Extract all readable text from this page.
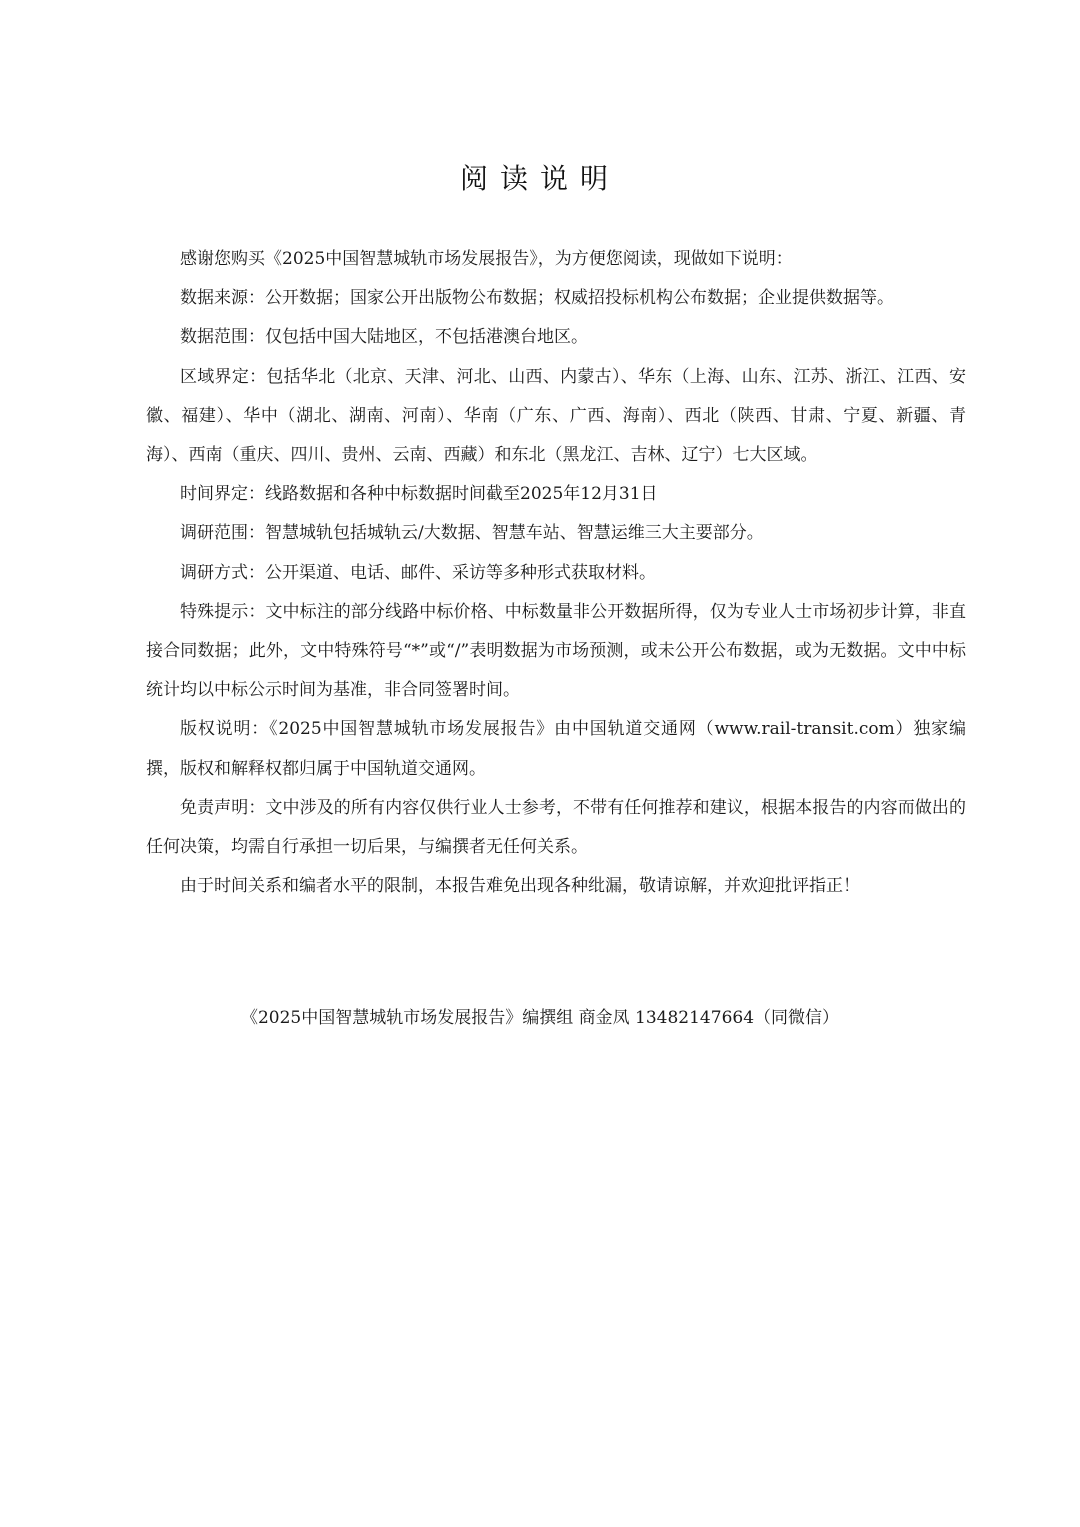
阅读说明

感谢您购买《2025中国智慧城轨市场发展报告》，为方便您阅读，现做如下说明：

数据来源：公开数据；国家公开出版物公布数据；权威招投标机构公布数据；企业提供数据等。

数据范围：仅包括中国大陆地区，不包括港澳台地区。

区域界定：包括华北（北京、天津、河北、山西、内蒙古）、华东（上海、山东、江苏、浙江、江西、安徽、福建）、华中（湖北、湖南、河南）、华南（广东、广西、海南）、西北（陕西、甘肃、宁夏、新疆、青海）、西南（重庆、四川、贵州、云南、西藏）和东北（黑龙江、吉林、辽宁）七大区域。

时间界定：线路数据和各种中标数据时间截至2025年12月31日

调研范围：智慧城轨包括城轨云/大数据、智慧车站、智慧运维三大主要部分。

调研方式：公开渠道、电话、邮件、采访等多种形式获取材料。

特殊提示：文中标注的部分线路中标价格、中标数量非公开数据所得，仅为专业人士市场初步计算，非直接合同数据；此外，文中特殊符号“*”或“/”表明数据为市场预测，或未公开公布数据，或为无数据。文中中标统计均以中标公示时间为基准，非合同签署时间。

版权说明：《2025中国智慧城轨市场发展报告》由中国轨道交通网（www.rail-transit.com）独家编撰，版权和解释权都归属于中国轨道交通网。

免责声明：文中涉及的所有内容仅供行业人士参考，不带有任何推荐和建议，根据本报告的内容而做出的任何决策，均需自行承担一切后果，与编撰者无任何关系。

由于时间关系和编者水平的限制，本报告难免出现各种纰漏，敬请谅解，并欢迎批评指正！

《2025中国智慧城轨市场发展报告》编撰组 商金凤 13482147664（同微信）
